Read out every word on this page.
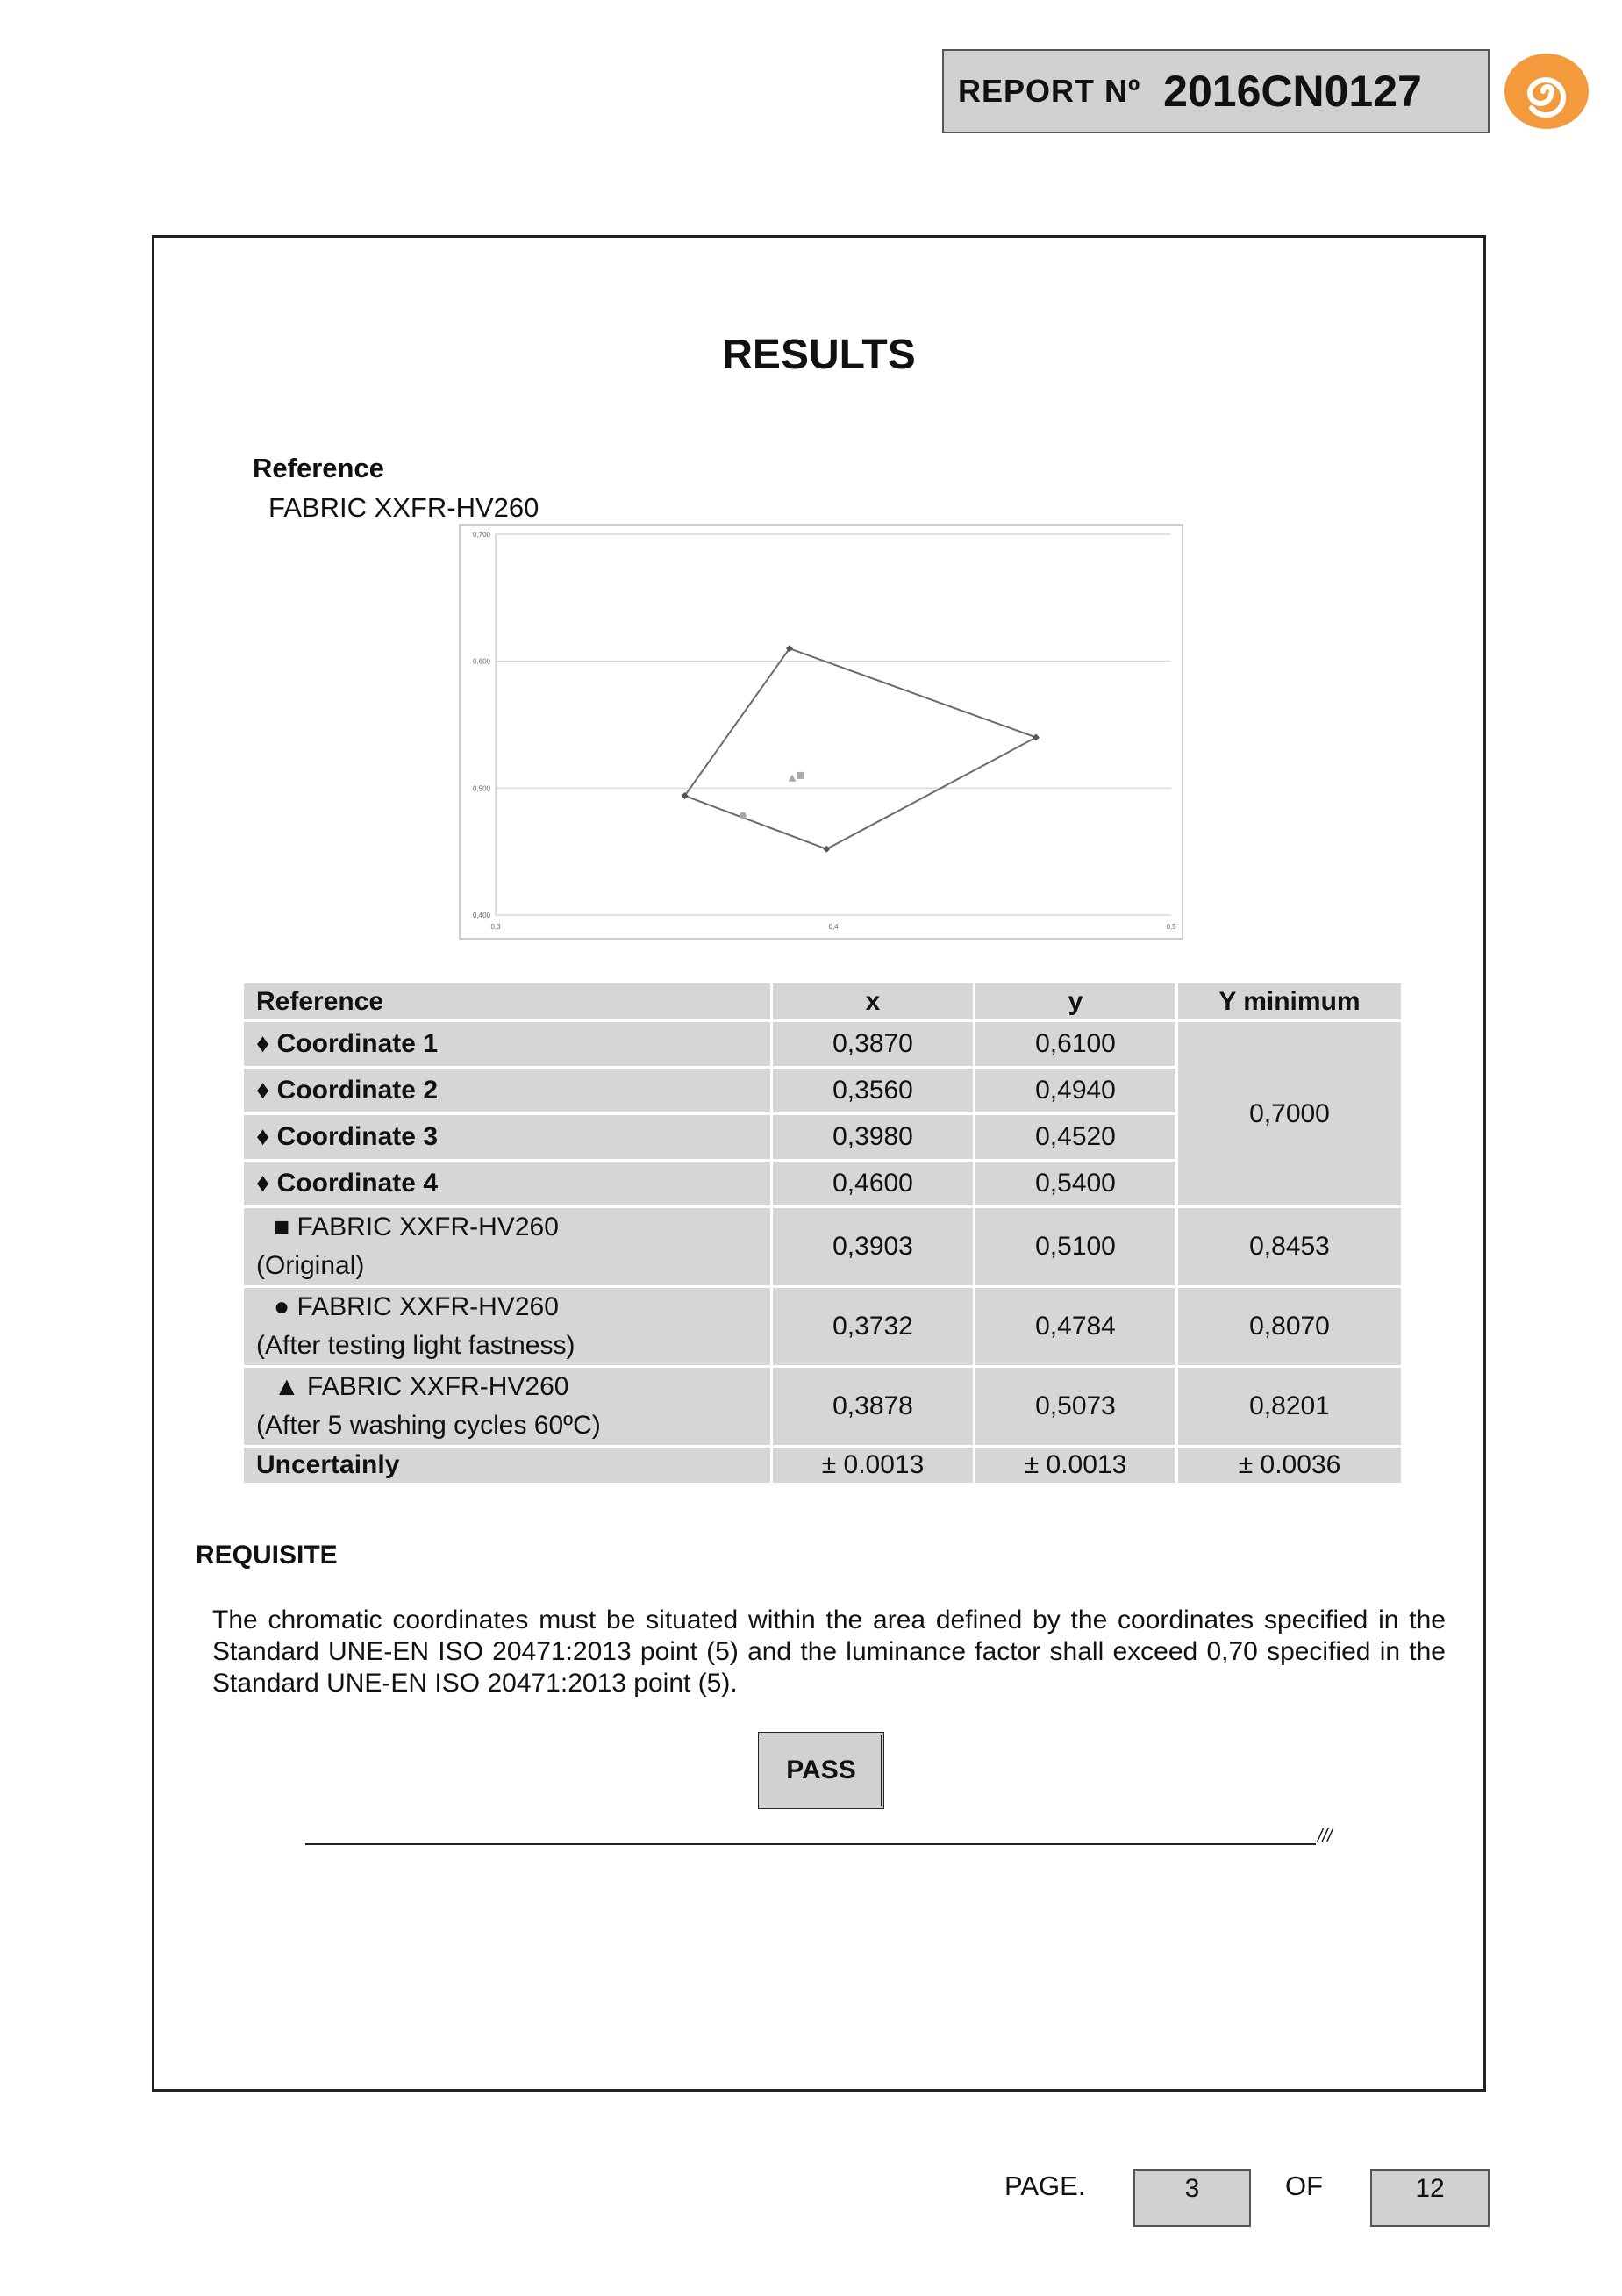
REPORT Nº 2016CN0127
RESULTS
Reference
FABRIC XXFR-HV260
0,400
0,500
0,600
0,700
0,3	0,4	0,5
Reference	x	y	Y minimum
♦ Coordinate 1	0,3870	0,6100	0,7000
♦ Coordinate 2	0,3560	0,4940	
♦ Coordinate 3	0,3980	0,4520	
♦ Coordinate 4	0,4600	0,5400	
■ FABRIC XXFR-HV260
(Original)	0,3903	0,5100	0,8453
● FABRIC XXFR-HV260
(After testing light fastness)	0,3732	0,4784	0,8070
▲ FABRIC XXFR-HV260
(After 5 washing cycles 60ºC)	0,3878	0,5073	0,8201
Uncertainly	± 0.0013	± 0.0013	± 0.0036
REQUISITE
The chromatic coordinates must be situated within the area defined by the coordinates specified in the Standard UNE-EN ISO 20471:2013 point (5) and the luminance factor shall exceed 0,70 specified in the Standard UNE-EN ISO 20471:2013 point (5).
PASS
///
PAGE.	3	OF	12
